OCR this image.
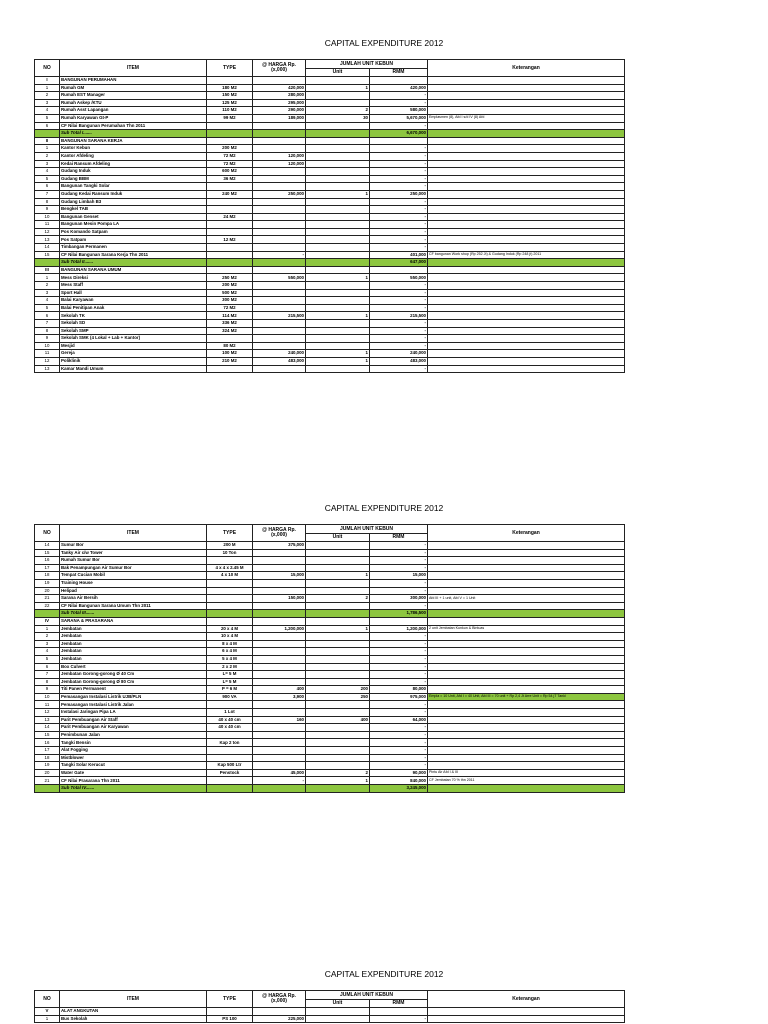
CAPITAL EXPENDITURE 2012
NO	ITEM	TYPE	@ HARGA Rp.
(x,000)	JUMLAH UNIT KEBUN		Keterangan
				Unit	RMM	
I	BANGUNAN PERUMAHAN					
1	Rumah GM	180 M2	420,000	1	420,000	
2	Rumah EST Manager	150 M2	280,000		-	
3	Rumah Askep /KTU	125 M2	295,000		-	
4	Rumah Asst Lapangan	110 M2	290,000	2	580,000	
5	Rumah Karyawan Gt-P	99 M2	189,000	30	5,670,000	Emplasmen (8), Afd I s/d IV (8) Afd
6	CF Nilai Bangunan Perumahan Thn 2011				-	
	Sub Total I.......				6,670,000	
II	BANGUNAN SARANA KERJA					
1	Kantor Kebun	200 M2			-	
2	Kantor Afdeling	72 M2	120,000		-	
3	Kedai Ransum Afdeling	72 M2	120,000		-	
4	Gudang Induk	600 M2			-	
5	Gudang BBM	36 M2			-	
6	Bangunan Tangki Solar				-	
7	Gudang Kedai Ransum Induk	240 M2	250,000	1	250,000	
8	Gudang Limbah B3				-	
9	Bengkel TAB				-	
10	Bangunan Genset	24 M2			-	
11	Bangunan Mesin Pompa LA				-	
12	Pos Komando Satpam				-	
13	Pos Satpam	12 M2			-	
14	Timbangan Permanen				-	
15	CF Nilai Bangunan Sarana Kerja Thn 2011		-		401,000	CF bangunan Work shop (Rp 252 Jt) & Gudang Induk (Rp 248 jt) 2011
	Sub Total II.......				647,000	
III	BANGUNAN SARANA UMUM					
1	Mess Direksi	250 M2	550,000	1	550,000	
2	Mess Staff	200 M2			-	
3	Sport Hall	500 M2			-	
4	Balai Karyawan	300 M2			-	
5	Balai Penitipan Anak	72 M2			-	
6	Sekolah TK	114 M2	215,500	1	215,500	
7	Sekolah SD	336 M2			-	
8	Sekolah SMP	324 M2			-	
9	Sekolah SMK (4 Lokal + Lab + Kantor)				-	
10	Mesjid	80 M2			-	
11	Gereja	100 M2	240,000	1	240,000	
12	Poliklinik	210 M2	483,000	1	483,000	
13	Kamar Mandi Umum				-	
CAPITAL EXPENDITURE 2012
NO	ITEM	TYPE	@ HARGA Rp.
(x,000)	JUMLAH UNIT KEBUN		Keterangan
				Unit	RMM	
14	Sumur Bor	200 M	375,000		-	
15	Tanky Air c/w Tower	10 Ton			-	
16	Rumah Sumur Bor				-	
17	Bak Penampungan Air Sumur Bor	4 x 4 x 2.45 M			-	
18	Tempat Cucian Mobil	4 x 10 M	15,000	1	15,000	
19	Training House				-	
20	Helipad				-	
21	Sarana Air Bersih		150,000	2	300,000	Afd III + 1 unit, Afd V = 1 Unit
22	CF Nilai Bangunan Sarana Umum Thn 2011				-	
	Sub Total III.......				1,786,500	
IV	SARANA & PRASARANA					
1	Jembatan	20 x 4 M	1,200,000	1	1,200,000	2 unit Jembatan Kunkun & Bintuas
2	Jembatan	10 x 4 M			-	
3	Jembatan	8 x 4 M			-	
4	Jembatan	6 x 4 M			-	
5	Jembatan	5 x 4 M			-	
6	Box Culvert	2 x 2 M			-	
7	Jembatan Gorong-gorong Ø 40 Cm	L= 5 M			-	
8	Jembatan Gorong-gorong Ø 80 Cm	L= 5 M			-	
9	Titi Panen Permanent	P = 6 M	400	200	80,000	
10	Pemasangan Instalasi Listrik UJB/PLN	900 VA	3,900	250	975,000	Empla = 10 Unit, Afd I = 40 Unit, Afd III = 70 unit + Rp 2,4 Jt Arre Unit = Rp 54 jT Tanki
11	Pemasangan Instalasi Listrik Jalan				-	
12	Instalasi Jaringan Pipa LA	1 Lot			-	
13	Parit Pembuangan Air Staff	40 x 40 cm	160	400	64,000	
14	Parit Pembuangan Air Karyawan	40 x 40 cm			-	
15	Penimbunan Jalan				-	
16	Tangki Bensin	Kap 2 ton			-	
17	Alat Fogging				-	
18	Mistblower				-	
19	Tangki Solar Kerucut	Kap 500 Ltr			-	
20	Water Gate	Penstock	45,000	2	90,000	Pintu Air Afd I & III
21	CF Nilai Prasarana Thn 2011		-	1	840,000	CF Jembatan 70 % thn 2011
	Sub Total IV.......				3,245,000	
CAPITAL EXPENDITURE 2012
NO	ITEM	TYPE	@ HARGA Rp.
(x,000)	JUMLAH UNIT KEBUN		Keterangan
				Unit	RMM	
V	ALAT ANGKUTAN					
1	Bus Sekolah	PS 100	225,000		-	
